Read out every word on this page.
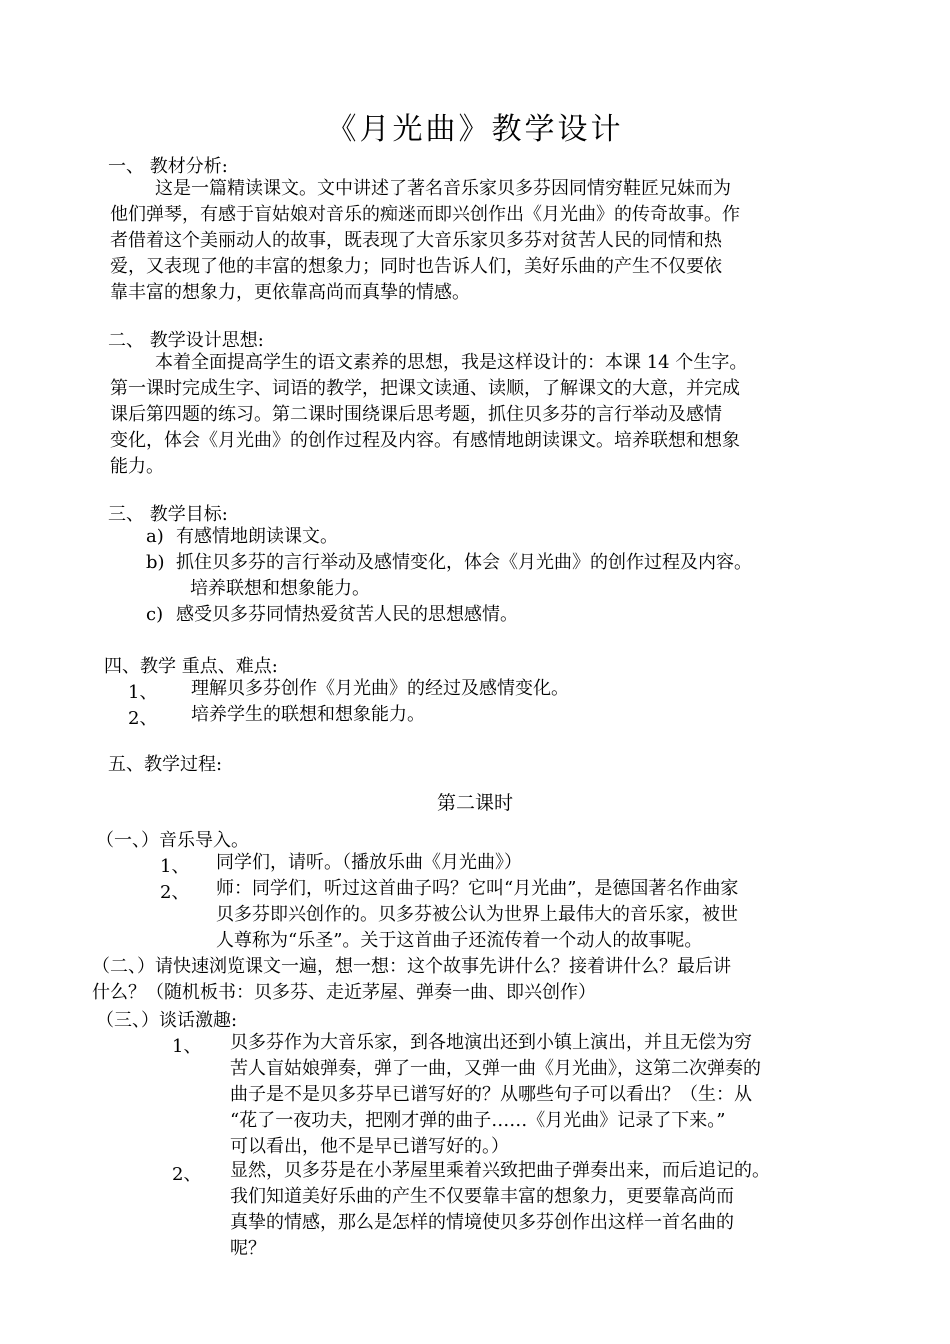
《月光曲》教学设计
一、 教材分析:
这是一篇精读课文。文中讲述了著名音乐家贝多芬因同情穷鞋匠兄妹而为
他们弹琴，有感于盲姑娘对音乐的痴迷而即兴创作出《月光曲》的传奇故事。作
者借着这个美丽动人的故事，既表现了大音乐家贝多芬对贫苦人民的同情和热
爱，又表现了他的丰富的想象力；同时也告诉人们，美好乐曲的产生不仅要依
靠丰富的想象力，更依靠高尚而真挚的情感。
二、 教学设计思想:
本着全面提高学生的语文素养的思想，我是这样设计的：本课 14 个生字。
第一课时完成生字、词语的教学，把课文读通、读顺，了解课文的大意，并完成
课后第四题的练习。第二课时围绕课后思考题，抓住贝多芬的言行举动及感情
变化，体会《月光曲》的创作过程及内容。有感情地朗读课文。培养联想和想象
能力。
三、 教学目标:
a) 有感情地朗读课文。
b) 抓住贝多芬的言行举动及感情变化，体会《月光曲》的创作过程及内容。
培养联想和想象能力。
c) 感受贝多芬同情热爱贫苦人民的思想感情。
四、教学 重点、难点:
1、 理解贝多芬创作《月光曲》的经过及感情变化。
2、 培养学生的联想和想象能力。
五、教学过程:
第二课时
（一、）音乐导入。
1、 同学们，请听。（播放乐曲《月光曲》）
2、 师：同学们，听过这首曲子吗？它叫“月光曲”，是德国著名作曲家
贝多芬即兴创作的。贝多芬被公认为世界上最伟大的音乐家，被世
人尊称为“乐圣”。关于这首曲子还流传着一个动人的故事呢。
（二、）请快速浏览课文一遍，想一想：这个故事先讲什么？接着讲什么？最后讲
什么？（随机板书：贝多芬、走近茅屋、弹奏一曲、即兴创作）
（三、）谈话激趣:
1、 贝多芬作为大音乐家，到各地演出还到小镇上演出，并且无偿为穷
苦人盲姑娘弹奏，弹了一曲，又弹一曲《月光曲》，这第二次弹奏的
曲子是不是贝多芬早已谱写好的？从哪些句子可以看出？（生：从
“花了一夜功夫，把刚才弹的曲子……《月光曲》记录了下来。”
可以看出，他不是早已谱写好的。）
2、 显然，贝多芬是在小茅屋里乘着兴致把曲子弹奏出来，而后追记的。
我们知道美好乐曲的产生不仅要靠丰富的想象力，更要靠高尚而
真挚的情感，那么是怎样的情境使贝多芬创作出这样一首名曲的
呢？
